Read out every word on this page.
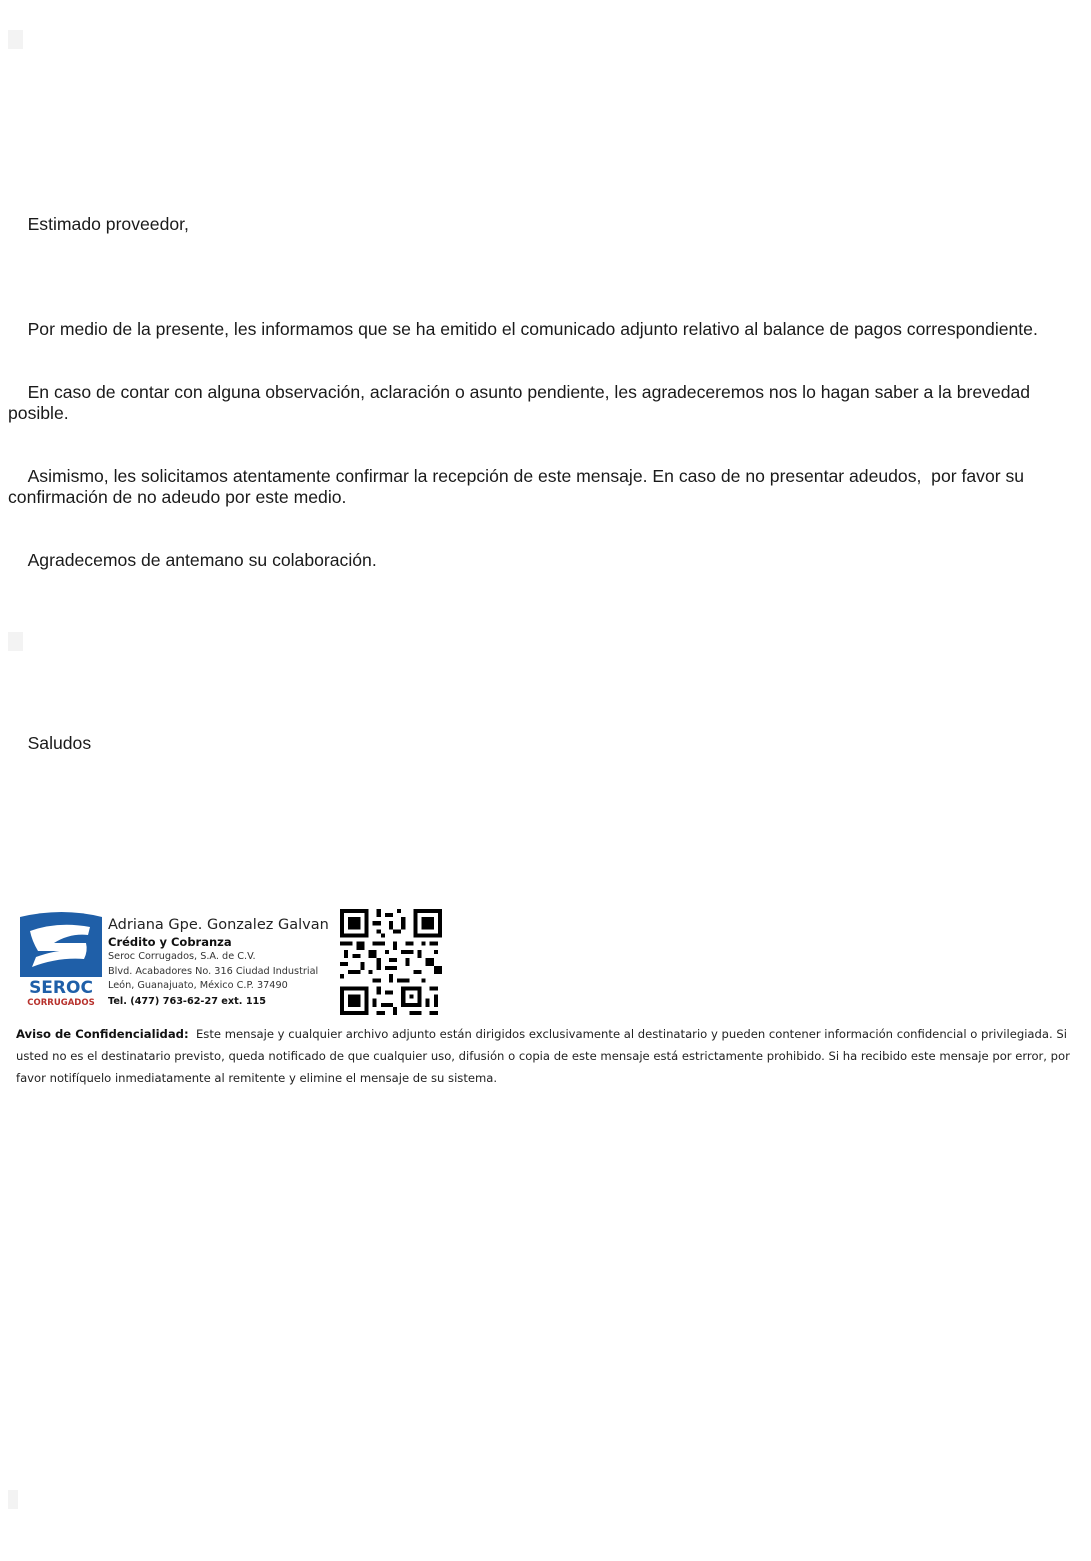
Estimado proveedor,

Por medio de la presente, les informamos que se ha emitido el comunicado adjunto relativo al balance de pagos correspondiente.

En caso de contar con alguna observación, aclaración o asunto pendiente, les agradeceremos nos lo hagan saber a la brevedad posible.

Asimismo, les solicitamos atentamente confirmar la recepción de este mensaje. En caso de no presentar adeudos,  por favor su confirmación de no adeudo por este medio.

Agradecemos de antemano su colaboración.

Saludos

SEROC
CORRUGADOS
Adriana Gpe. Gonzalez Galvan
Crédito y Cobranza
Seroc Corrugados, S.A. de C.V.
Blvd. Acabadores No. 316 Ciudad Industrial
León, Guanajuato, México C.P. 37490
Tel. (477) 763-62-27 ext. 115
Aviso de Confidencialidad: Este mensaje y cualquier archivo adjunto están dirigidos exclusivamente al destinatario y pueden contener información confidencial o privilegiada. Si usted no es el destinatario previsto, queda notificado de que cualquier uso, difusión o copia de este mensaje está estrictamente prohibido. Si ha recibido este mensaje por error, por favor notifíquelo inmediatamente al remitente y elimine el mensaje de su sistema.
